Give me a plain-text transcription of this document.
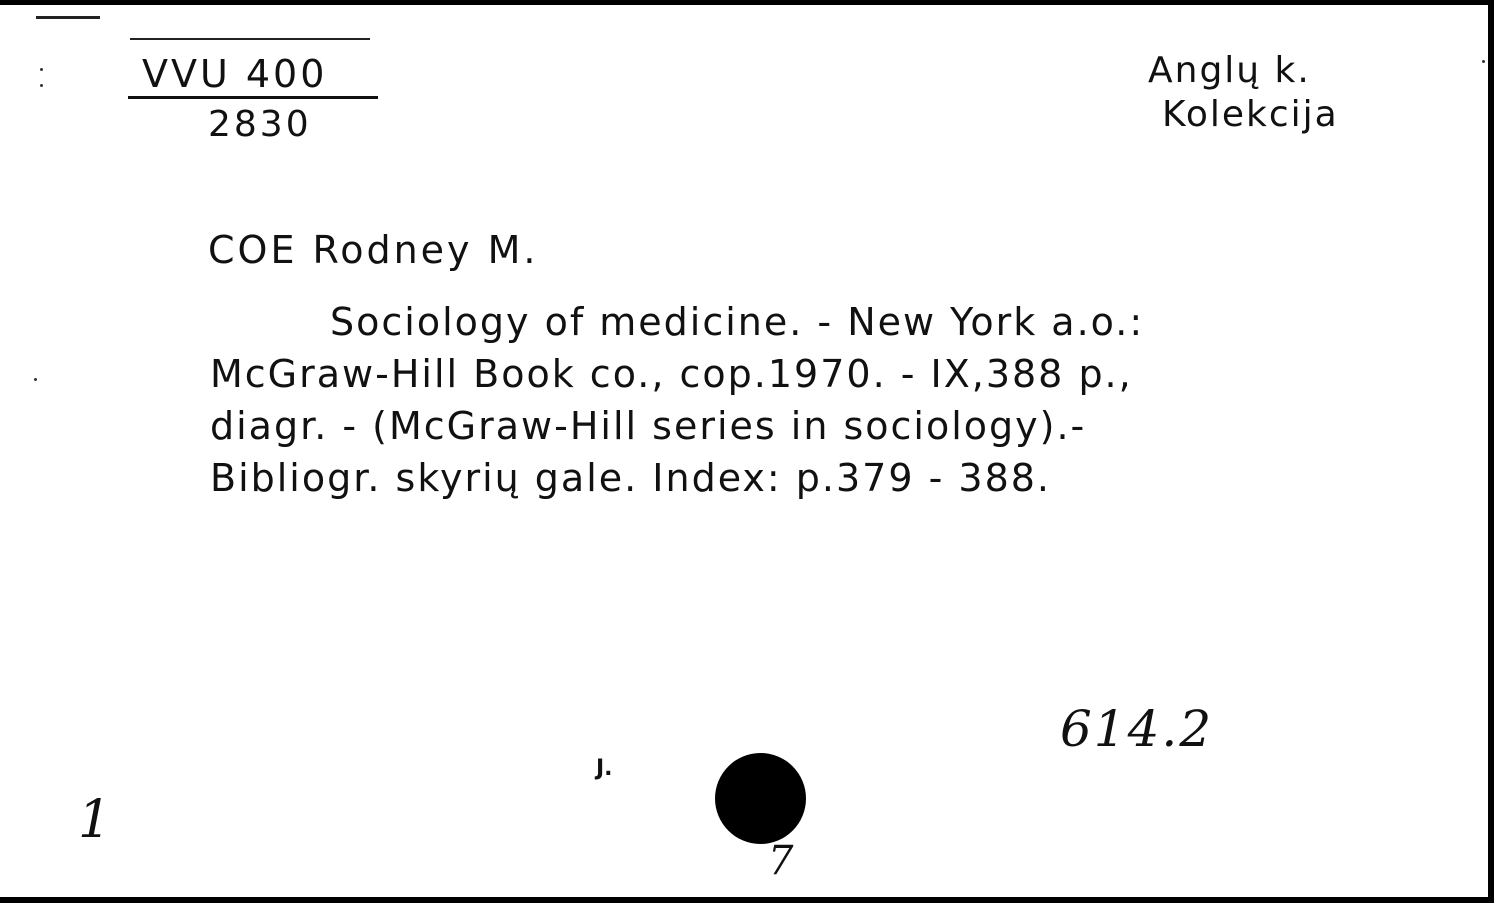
VVU 400
2830
Anglų k.
Kolekcija
COE Rodney M.
Sociology of medicine. - New York a.o.:
McGraw-Hill Book co., cop.1970. - IX,388 p.,
diagr. - (McGraw-Hill series in sociology).-
Bibliogr. skyrių gale. Index: p.379 - 388.
614.2
1
J.
7
